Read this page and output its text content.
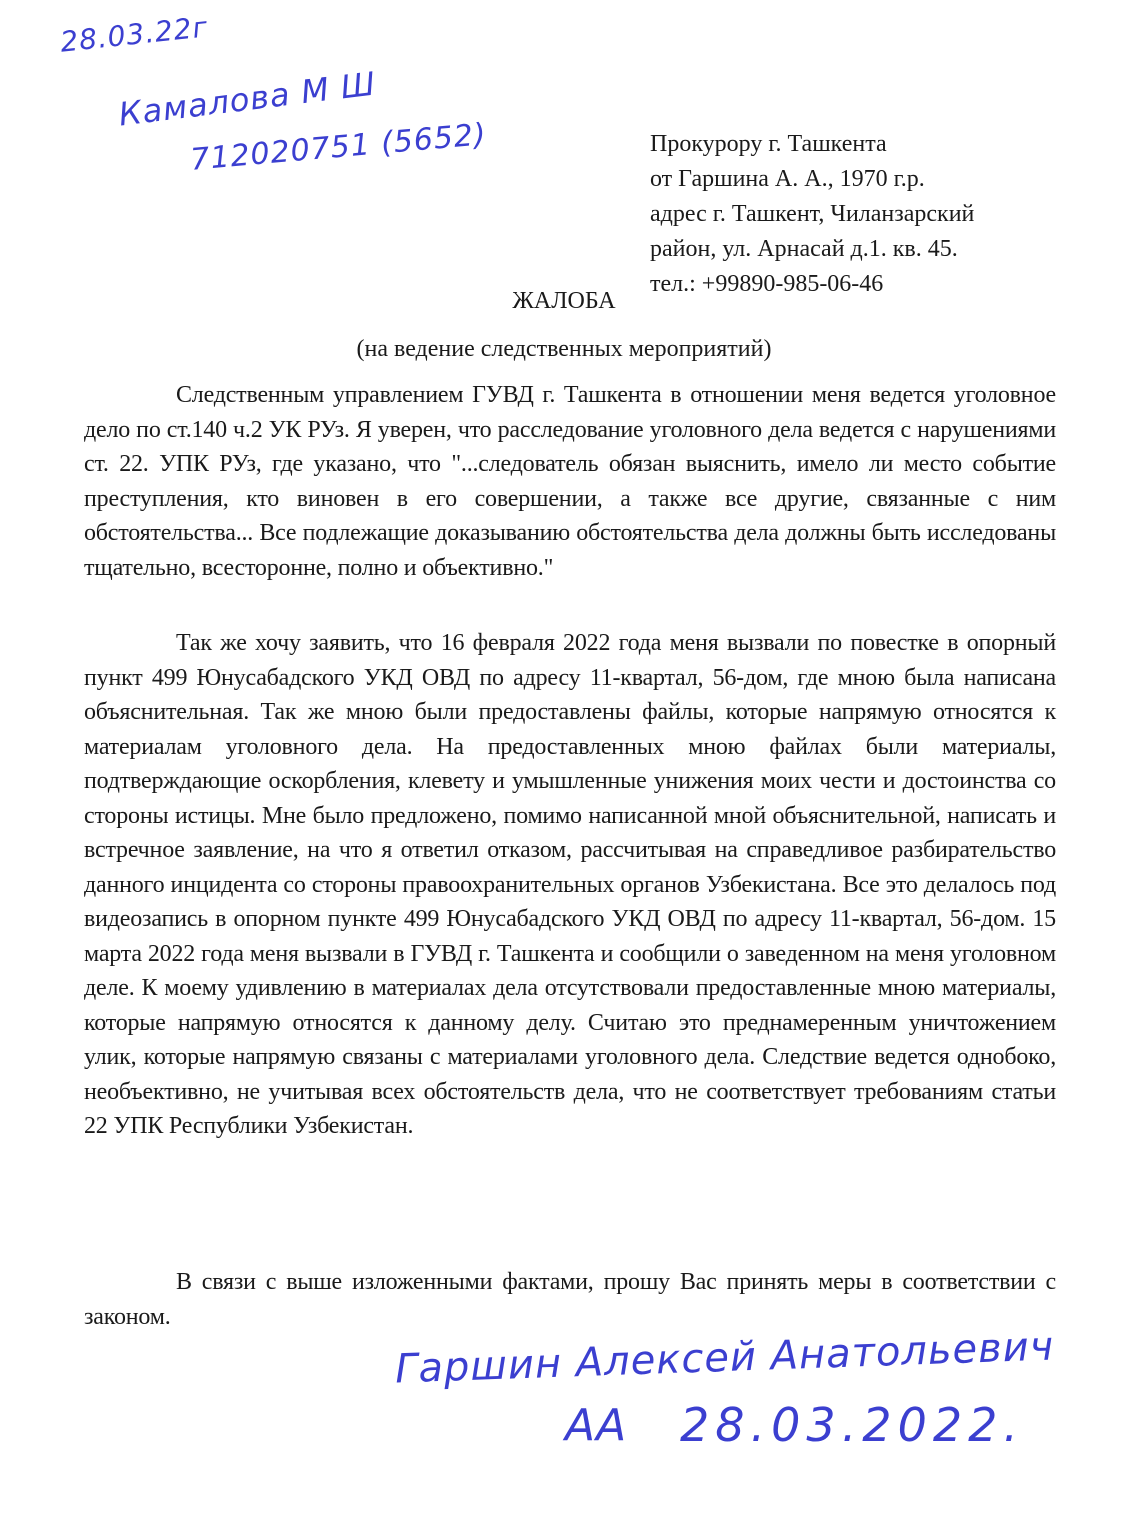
28.03.22г
Камалова М Ш
712020751 (5652)	Прокурору г. Ташкента
от Гаршина А. А., 1970 г.р.
адрес г. Ташкент, Чиланзарский
район, ул. Арнасай д.1. кв. 45.
тел.: +99890-985-06-46
ЖАЛОБА
(на ведение следственных мероприятий)

Следственным управлением ГУВД г. Ташкента в отношении меня ведется уголовное дело по ст.140 ч.2 УК РУз. Я уверен, что расследование уголовного дела ведется с нарушениями ст. 22. УПК РУз, где указано, что "...следователь обязан выяснить, имело ли место событие преступления, кто виновен в его совершении, а также все другие, связанные с ним обстоятельства... Все подлежащие доказыванию обстоятельства дела должны быть исследованы тщательно, всесторонне, полно и объективно."

Так же хочу заявить, что 16 февраля 2022 года меня вызвали по повестке в опорный пункт 499 Юнусабадского УКД ОВД по адресу 11-квартал, 56-дом, где мною была написана объяснительная. Так же мною были предоставлены файлы, которые напрямую относятся к материалам уголовного дела. На предоставленных мною файлах были материалы, подтверждающие оскорбления, клевету и умышленные унижения моих чести и достоинства со стороны истицы. Мне было предложено, помимо написанной мной объяснительной, написать и встречное заявление, на что я ответил отказом, рассчитывая на справедливое разбирательство данного инцидента со стороны правоохранительных органов Узбекистана. Все это делалось под видеозапись в опорном пункте 499 Юнусабадского УКД ОВД по адресу 11-квартал, 56-дом. 15 марта 2022 года меня вызвали в ГУВД г. Ташкента и сообщили о заведенном на меня уголовном деле. К моему удивлению в материалах дела отсутствовали предоставленные мною материалы, которые напрямую относятся к данному делу. Считаю это преднамеренным уничтожением улик, которые напрямую связаны с материалами уголовного дела. Следствие ведется однобоко, необъективно, не учитывая всех обстоятельств дела, что не соответствует требованиям статьи 22 УПК Республики Узбекистан.

В связи с выше изложенными фактами, прошу Вас принять меры в соответствии с законом.

Гаршин Алексей Анатольевич
АА 28.03.2022.
